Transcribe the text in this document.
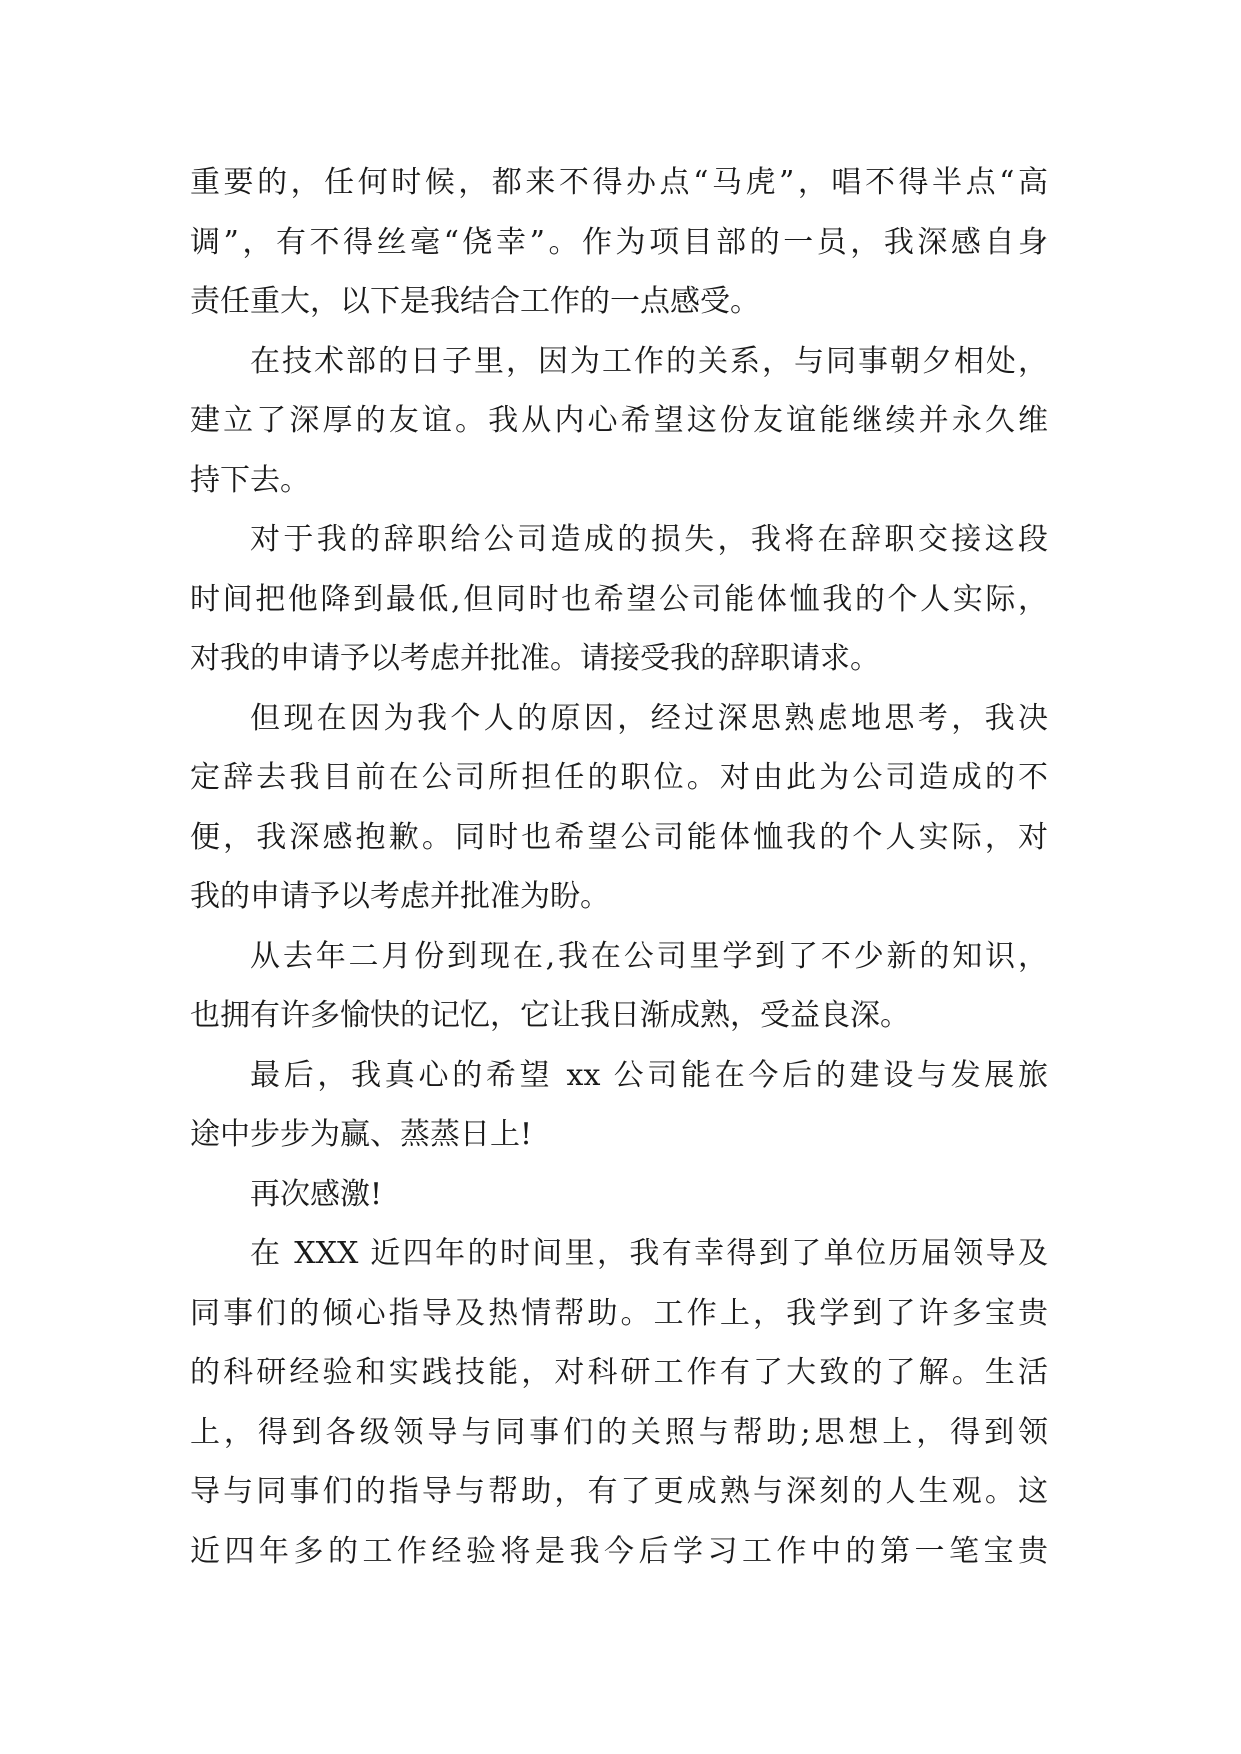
重要的，任何时候，都来不得办点“马虎”，唱不得半点“高
调”，有不得丝毫“侥幸”。作为项目部的一员，我深感自身
责任重大，以下是我结合工作的一点感受。
在技术部的日子里，因为工作的关系，与同事朝夕相处，
建立了深厚的友谊。我从内心希望这份友谊能继续并永久维
持下去。
对于我的辞职给公司造成的损失，我将在辞职交接这段
时间把他降到最低,但同时也希望公司能体恤我的个人实际，
对我的申请予以考虑并批准。请接受我的辞职请求。
但现在因为我个人的原因，经过深思熟虑地思考，我决
定辞去我目前在公司所担任的职位。对由此为公司造成的不
便，我深感抱歉。同时也希望公司能体恤我的个人实际，对
我的申请予以考虑并批准为盼。
从去年二月份到现在,我在公司里学到了不少新的知识，
也拥有许多愉快的记忆，它让我日渐成熟，受益良深。
最后，我真心的希望 xx 公司能在今后的建设与发展旅
途中步步为赢、蒸蒸日上!
再次感激!
在 XXX 近四年的时间里，我有幸得到了单位历届领导及
同事们的倾心指导及热情帮助。工作上，我学到了许多宝贵
的科研经验和实践技能，对科研工作有了大致的了解。生活
上，得到各级领导与同事们的关照与帮助;思想上，得到领
导与同事们的指导与帮助，有了更成熟与深刻的人生观。这
近四年多的工作经验将是我今后学习工作中的第一笔宝贵
